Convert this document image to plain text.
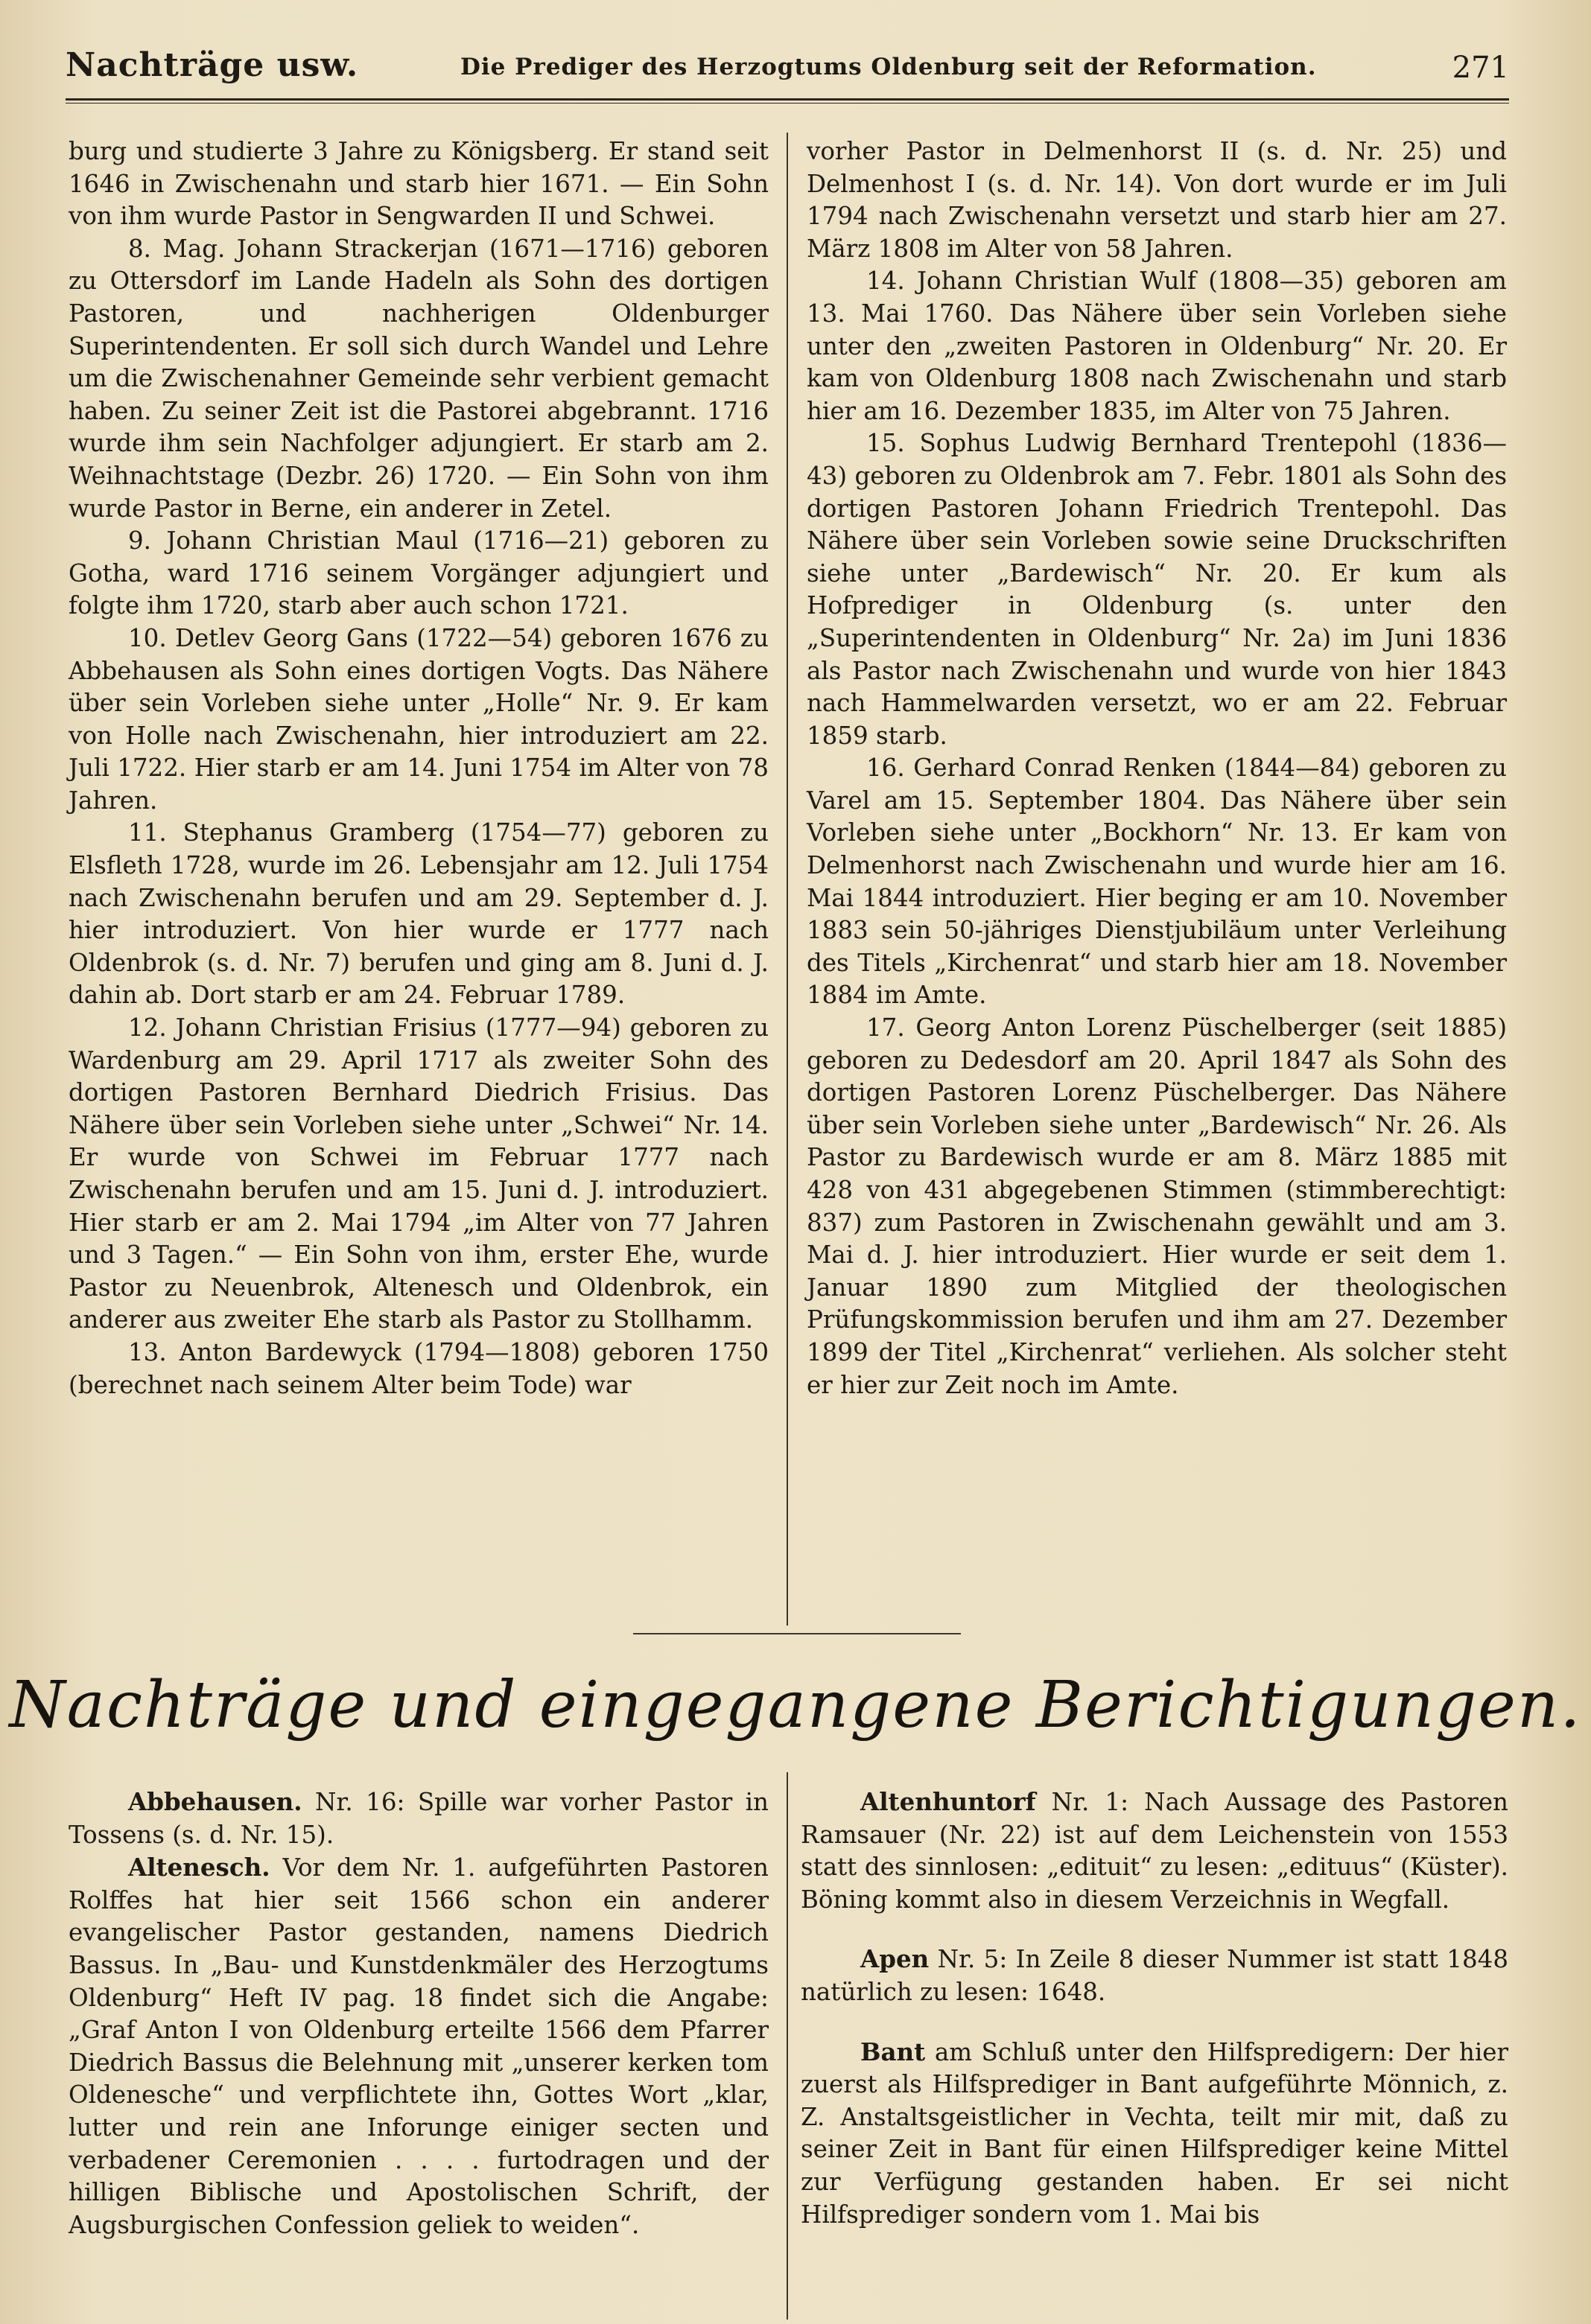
Nachträge usw.	Die Prediger des Herzogtums Oldenburg seit der Reformation.	271

burg und studierte 3 Jahre zu Königsberg. Er stand seit 1646 in Zwischenahn und starb hier 1671. — Ein Sohn von ihm wurde Pastor in Sengwarden II und Schwei.

8. Mag. Johann Strackerjan (1671—1716) geboren zu Ottersdorf im Lande Hadeln als Sohn des dortigen Pastoren, und nachherigen Oldenburger Superintendenten. Er soll sich durch Wandel und Lehre um die Zwischenahner Gemeinde sehr verbient gemacht haben. Zu seiner Zeit ist die Pastorei abgebrannt. 1716 wurde ihm sein Nachfolger adjungiert. Er starb am 2. Weihnachtstage (Dezbr. 26) 1720. — Ein Sohn von ihm wurde Pastor in Berne, ein anderer in Zetel.

9. Johann Christian Maul (1716—21) geboren zu Gotha, ward 1716 seinem Vorgänger adjungiert und folgte ihm 1720, starb aber auch schon 1721.

10. Detlev Georg Gans (1722—54) geboren 1676 zu Abbehausen als Sohn eines dortigen Vogts. Das Nähere über sein Vorleben siehe unter „Holle“ Nr. 9. Er kam von Holle nach Zwischenahn, hier introduziert am 22. Juli 1722. Hier starb er am 14. Juni 1754 im Alter von 78 Jahren.

11. Stephanus Gramberg (1754—77) geboren zu Elsfleth 1728, wurde im 26. Lebensjahr am 12. Juli 1754 nach Zwischenahn berufen und am 29. September d. J. hier introduziert. Von hier wurde er 1777 nach Oldenbrok (s. d. Nr. 7) berufen und ging am 8. Juni d. J. dahin ab. Dort starb er am 24. Februar 1789.

12. Johann Christian Frisius (1777—94) geboren zu Wardenburg am 29. April 1717 als zweiter Sohn des dortigen Pastoren Bernhard Diedrich Frisius. Das Nähere über sein Vorleben siehe unter „Schwei“ Nr. 14. Er wurde von Schwei im Februar 1777 nach Zwischenahn berufen und am 15. Juni d. J. introduziert. Hier starb er am 2. Mai 1794 „im Alter von 77 Jahren und 3 Tagen.“ — Ein Sohn von ihm, erster Ehe, wurde Pastor zu Neuenbrok, Altenesch und Oldenbrok, ein anderer aus zweiter Ehe starb als Pastor zu Stollhamm.

13. Anton Bardewyck (1794—1808) geboren 1750 (berechnet nach seinem Alter beim Tode) war

vorher Pastor in Delmenhorst II (s. d. Nr. 25) und Delmenhost I (s. d. Nr. 14). Von dort wurde er im Juli 1794 nach Zwischenahn versetzt und starb hier am 27. März 1808 im Alter von 58 Jahren.

14. Johann Christian Wulf (1808—35) geboren am 13. Mai 1760. Das Nähere über sein Vorleben siehe unter den „zweiten Pastoren in Oldenburg“ Nr. 20. Er kam von Oldenburg 1808 nach Zwischenahn und starb hier am 16. Dezember 1835, im Alter von 75 Jahren.

15. Sophus Ludwig Bernhard Trentepohl (1836—43) geboren zu Oldenbrok am 7. Febr. 1801 als Sohn des dortigen Pastoren Johann Friedrich Trentepohl. Das Nähere über sein Vorleben sowie seine Druckschriften siehe unter „Bardewisch“ Nr. 20. Er kum als Hofprediger in Oldenburg (s. unter den „Superintendenten in Oldenburg“ Nr. 2a) im Juni 1836 als Pastor nach Zwischenahn und wurde von hier 1843 nach Hammelwarden versetzt, wo er am 22. Februar 1859 starb.

16. Gerhard Conrad Renken (1844—84) geboren zu Varel am 15. September 1804. Das Nähere über sein Vorleben siehe unter „Bockhorn“ Nr. 13. Er kam von Delmenhorst nach Zwischenahn und wurde hier am 16. Mai 1844 introduziert. Hier beging er am 10. November 1883 sein 50-jähriges Dienstjubiläum unter Verleihung des Titels „Kirchenrat“ und starb hier am 18. November 1884 im Amte.

17. Georg Anton Lorenz Püschelberger (seit 1885) geboren zu Dedesdorf am 20. April 1847 als Sohn des dortigen Pastoren Lorenz Püschelberger. Das Nähere über sein Vorleben siehe unter „Bardewisch“ Nr. 26. Als Pastor zu Bardewisch wurde er am 8. März 1885 mit 428 von 431 abgegebenen Stimmen (stimmberechtigt: 837) zum Pastoren in Zwischenahn gewählt und am 3. Mai d. J. hier introduziert. Hier wurde er seit dem 1. Januar 1890 zum Mitglied der theologischen Prüfungskommission berufen und ihm am 27. Dezember 1899 der Titel „Kirchenrat“ verliehen. Als solcher steht er hier zur Zeit noch im Amte.

Nachträge und eingegangene Berichtigungen.

Abbehausen. Nr. 16: Spille war vorher Pastor in Tossens (s. d. Nr. 15).

Altenesch. Vor dem Nr. 1. aufgeführten Pastoren Rolffes hat hier seit 1566 schon ein anderer evangelischer Pastor gestanden, namens Diedrich Bassus. In „Bau- und Kunstdenkmäler des Herzogtums Oldenburg“ Heft IV pag. 18 findet sich die Angabe: „Graf Anton I von Oldenburg erteilte 1566 dem Pfarrer Diedrich Bassus die Belehnung mit „unserer kerken tom Oldenesche“ und verpflichtete ihn, Gottes Wort „klar, lutter und rein ane Inforunge einiger secten und verbadener Ceremonien . . . . furtodragen und der hilligen Biblische und Apostolischen Schrift, der Augsburgischen Confession geliek to weiden“.

Altenhuntorf Nr. 1: Nach Aussage des Pastoren Ramsauer (Nr. 22) ist auf dem Leichenstein von 1553 statt des sinnlosen: „edituit“ zu lesen: „edituus“ (Küster). Böning kommt also in diesem Verzeichnis in Wegfall.

Apen Nr. 5: In Zeile 8 dieser Nummer ist statt 1848 natürlich zu lesen: 1648.

Bant am Schluß unter den Hilfspredigern: Der hier zuerst als Hilfsprediger in Bant aufgeführte Mönnich, z. Z. Anstaltsgeistlicher in Vechta, teilt mir mit, daß zu seiner Zeit in Bant für einen Hilfsprediger keine Mittel zur Verfügung gestanden haben. Er sei nicht Hilfsprediger sondern vom 1. Mai bis
